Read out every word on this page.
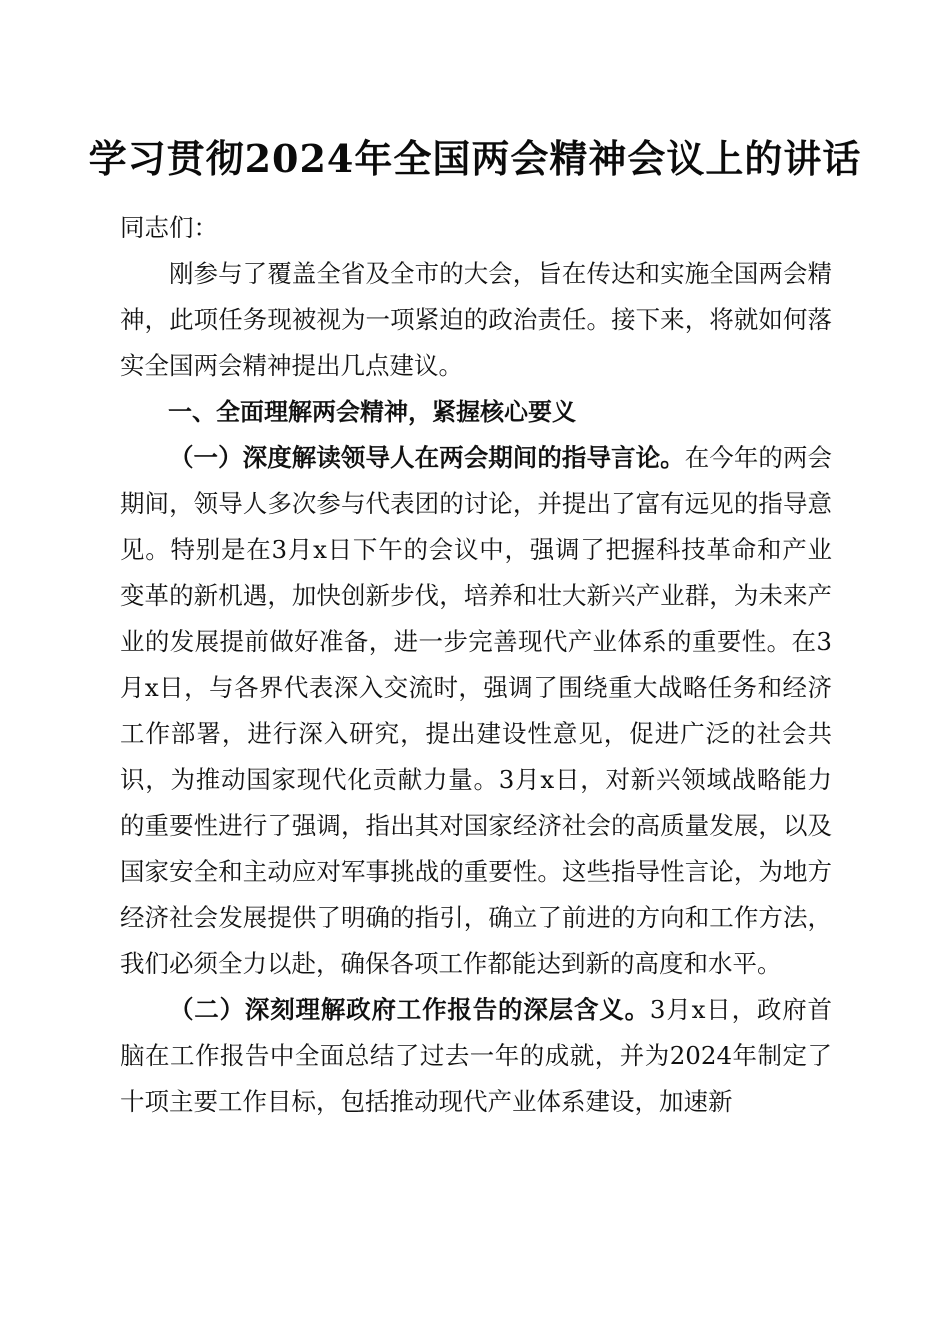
学习贯彻2024年全国两会精神会议上的讲话

同志们：

刚参与了覆盖全省及全市的大会，旨在传达和实施全国两会精神，此项任务现被视为一项紧迫的政治责任。接下来，将就如何落实全国两会精神提出几点建议。

一、全面理解两会精神，紧握核心要义

（一）深度解读领导人在两会期间的指导言论。在今年的两会期间，领导人多次参与代表团的讨论，并提出了富有远见的指导意见。特别是在3月x日下午的会议中，强调了把握科技革命和产业变革的新机遇，加快创新步伐，培养和壮大新兴产业群，为未来产业的发展提前做好准备，进一步完善现代产业体系的重要性。在3月x日，与各界代表深入交流时，强调了围绕重大战略任务和经济工作部署，进行深入研究，提出建设性意见，促进广泛的社会共识，为推动国家现代化贡献力量。3月x日，对新兴领域战略能力的重要性进行了强调，指出其对国家经济社会的高质量发展，以及国家安全和主动应对军事挑战的重要性。这些指导性言论，为地方经济社会发展提供了明确的指引，确立了前进的方向和工作方法，我们必须全力以赴，确保各项工作都能达到新的高度和水平。

（二）深刻理解政府工作报告的深层含义。3月x日，政府首脑在工作报告中全面总结了过去一年的成就，并为2024年制定了十项主要工作目标，包括推动现代产业体系建设，加速新
